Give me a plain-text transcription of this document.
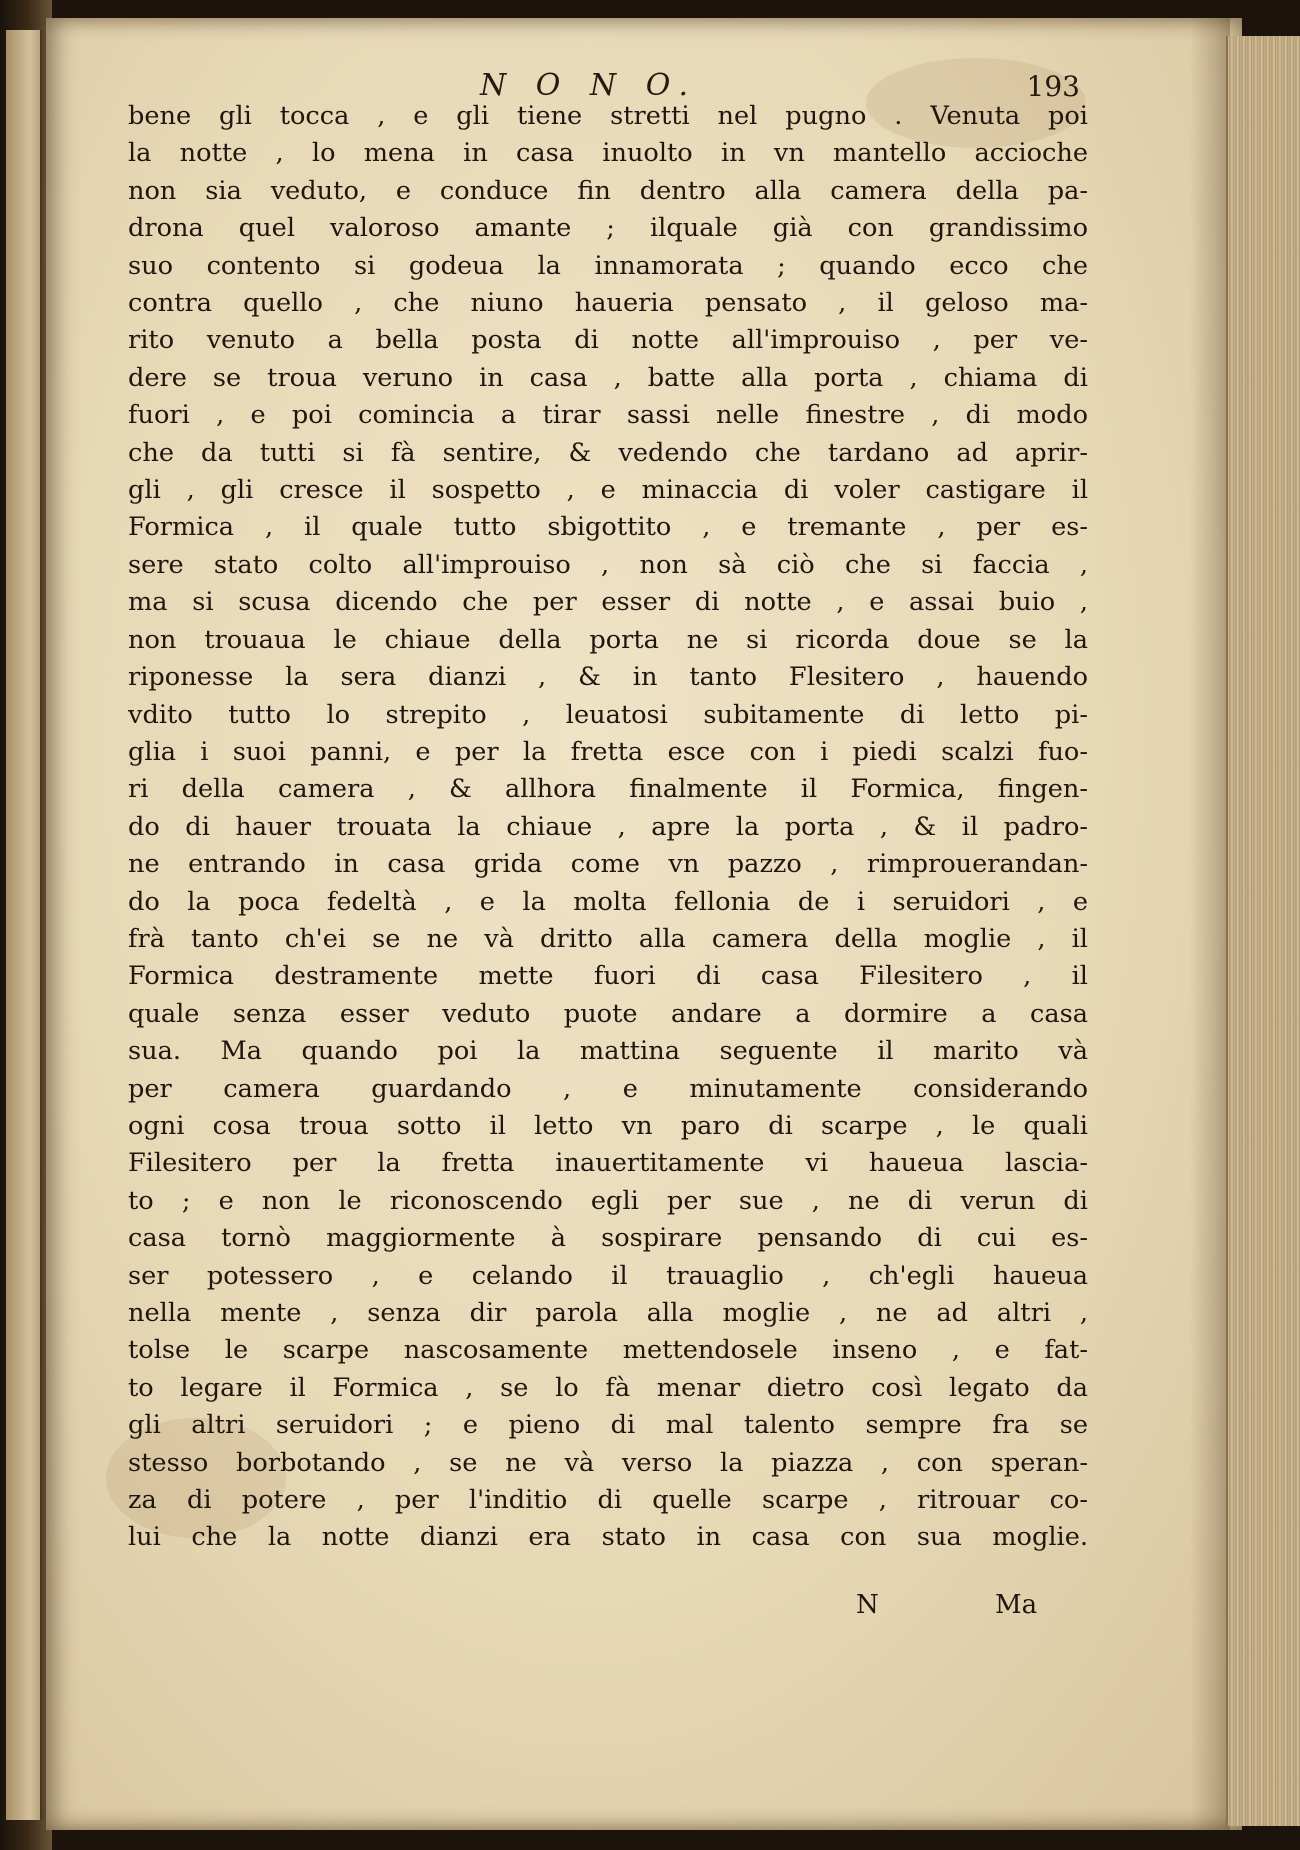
N O N O.	193
bene gli tocca , e gli tiene stretti nel pugno . Venuta poi
la notte , lo mena in casa inuolto in vn mantello accioche
non sia veduto, e conduce fin dentro alla camera della pa-
drona quel valoroso amante ; ilquale già con grandissimo
suo contento si godeua la innamorata ; quando ecco che
contra quello , che niuno haueria pensato , il geloso ma-
rito venuto a bella posta di notte all'improuiso , per ve-
dere se troua veruno in casa , batte alla porta , chiama di
fuori , e poi comincia a tirar sassi nelle finestre , di modo
che da tutti si fà sentire, & vedendo che tardano ad aprir-
gli , gli cresce il sospetto , e minaccia di voler castigare il
Formica , il quale tutto sbigottito , e tremante , per es-
sere stato colto all'improuiso , non sà ciò che si faccia ,
ma si scusa dicendo che per esser di notte , e assai buio ,
non trouaua le chiaue della porta ne si ricorda doue se la
riponesse la sera dianzi , & in tanto Flesitero , hauendo
vdito tutto lo strepito , leuatosi subitamente di letto pi-
glia i suoi panni, e per la fretta esce con i piedi scalzi fuo-
ri della camera , & allhora finalmente il Formica, fingen-
do di hauer trouata la chiaue , apre la porta , & il padro-
ne entrando in casa grida come vn pazzo , rimprouerandan-
do la poca fedeltà , e la molta fellonia de i seruidori , e
frà tanto ch'ei se ne và dritto alla camera della moglie , il
Formica destramente mette fuori di casa Filesitero , il
quale senza esser veduto puote andare a dormire a casa
sua. Ma quando poi la mattina seguente il marito và
per camera guardando , e minutamente considerando
ogni cosa troua sotto il letto vn paro di scarpe , le quali
Filesitero per la fretta inauertitamente vi haueua lascia-
to ; e non le riconoscendo egli per sue , ne di verun di
casa tornò maggiormente à sospirare pensando di cui es-
ser potessero , e celando il trauaglio , ch'egli haueua
nella mente , senza dir parola alla moglie , ne ad altri ,
tolse le scarpe nascosamente mettendosele inseno , e fat-
to legare il Formica , se lo fà menar dietro così legato da
gli altri seruidori ; e pieno di mal talento sempre fra se
stesso borbotando , se ne và verso la piazza , con speran-
za di potere , per l'inditio di quelle scarpe , ritrouar co-
lui che la notte dianzi era stato in casa con sua moglie.
N	Ma
